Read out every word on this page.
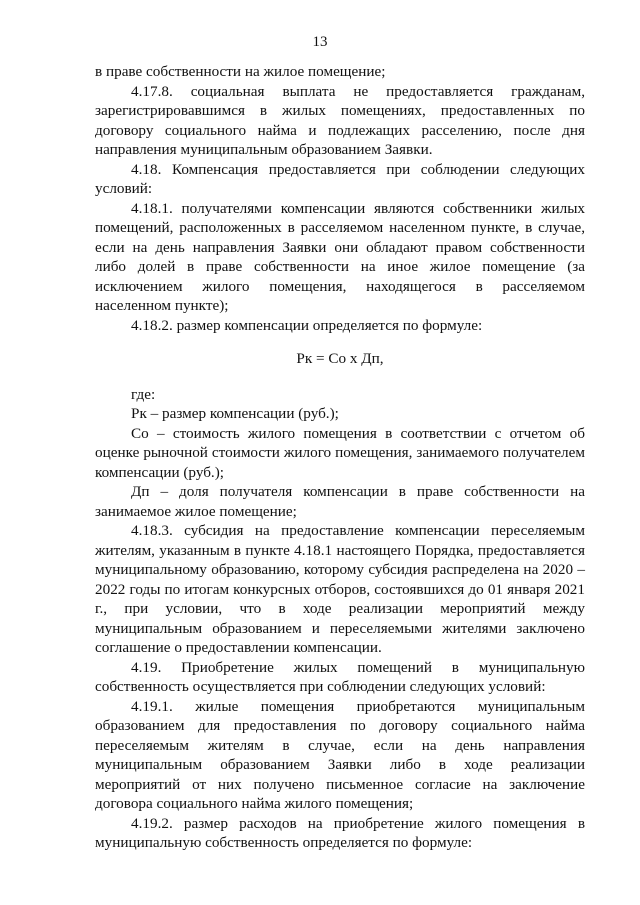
13

в праве собственности на жилое помещение;

4.17.8. социальная выплата не предоставляется гражданам, зарегистрировавшимся в жилых помещениях, предоставленных по договору социального найма и подлежащих расселению, после дня направления муниципальным образованием Заявки.

4.18. Компенсация предоставляется при соблюдении следующих условий:

4.18.1. получателями компенсации являются собственники жилых помещений, расположенных в расселяемом населенном пункте, в случае, если на день направления Заявки они обладают правом собственности либо долей в праве собственности на иное жилое помещение (за исключением жилого помещения, находящегося в расселяемом населенном пункте);

4.18.2. размер компенсации определяется по формуле:

Рк = Со х Дп,

где:

Рк – размер компенсации (руб.);

Со – стоимость жилого помещения в соответствии с отчетом об оценке рыночной стоимости жилого помещения, занимаемого получателем компенсации (руб.);

Дп – доля получателя компенсации в праве собственности на занимаемое жилое помещение;

4.18.3. субсидия на предоставление компенсации переселяемым жителям, указанным в пункте 4.18.1 настоящего Порядка, предоставляется муниципальному образованию, которому субсидия распределена на 2020 – 2022 годы по итогам конкурсных отборов, состоявшихся до 01 января 2021 г., при условии, что в ходе реализации мероприятий между муниципальным образованием и переселяемыми жителями заключено соглашение о предоставлении компенсации.

4.19. Приобретение жилых помещений в муниципальную собственность осуществляется при соблюдении следующих условий:

4.19.1. жилые помещения приобретаются муниципальным образованием для предоставления по договору социального найма переселяемым жителям в случае, если на день направления муниципальным образованием Заявки либо в ходе реализации мероприятий от них получено письменное согласие на заключение договора социального найма жилого помещения;

4.19.2. размер расходов на приобретение жилого помещения в муниципальную собственность определяется по формуле:
